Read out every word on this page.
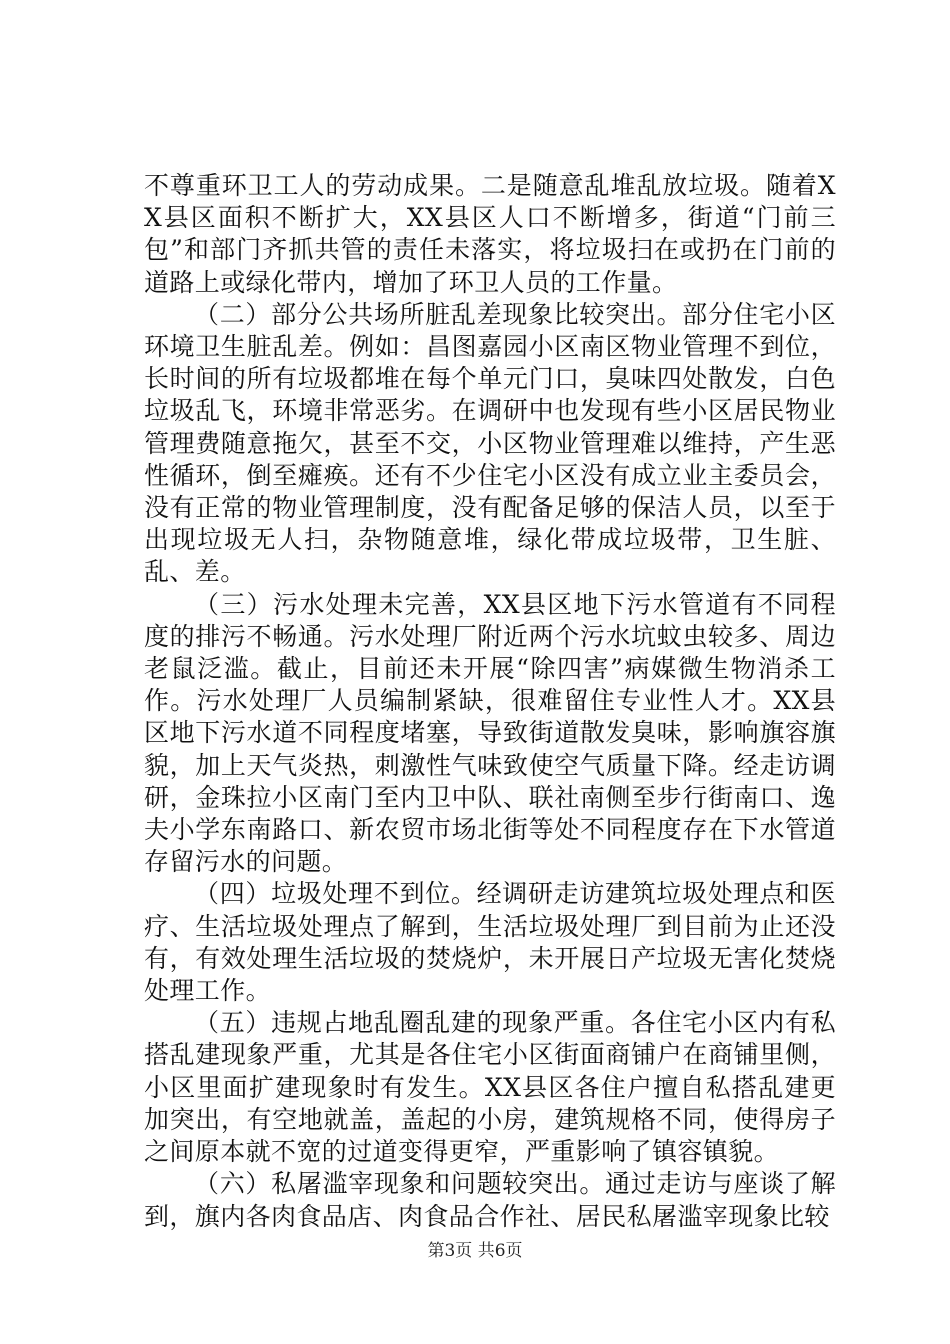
不尊重环卫工人的劳动成果。二是随意乱堆乱放垃圾。随着XX县区面积不断扩大，XX县区人口不断增多，街道“门前三包”和部门齐抓共管的责任未落实，将垃圾扫在或扔在门前的道路上或绿化带内，增加了环卫人员的工作量。

（二）部分公共场所脏乱差现象比较突出。部分住宅小区环境卫生脏乱差。例如：昌图嘉园小区南区物业管理不到位，长时间的所有垃圾都堆在每个单元门口，臭味四处散发，白色垃圾乱飞，环境非常恶劣。在调研中也发现有些小区居民物业管理费随意拖欠，甚至不交，小区物业管理难以维持，产生恶性循环，倒至瘫痪。还有不少住宅小区没有成立业主委员会，没有正常的物业管理制度，没有配备足够的保洁人员，以至于出现垃圾无人扫，杂物随意堆，绿化带成垃圾带，卫生脏、乱、差。

（三）污水处理未完善，XX县区地下污水管道有不同程度的排污不畅通。污水处理厂附近两个污水坑蚊虫较多、周边老鼠泛滥。截止，目前还未开展“除四害”病媒微生物消杀工作。污水处理厂人员编制紧缺，很难留住专业性人才。XX县区地下污水道不同程度堵塞，导致街道散发臭味，影响旗容旗貌，加上天气炎热，刺激性气味致使空气质量下降。经走访调研，金珠拉小区南门至内卫中队、联社南侧至步行街南口、逸夫小学东南路口、新农贸市场北街等处不同程度存在下水管道存留污水的问题。

（四）垃圾处理不到位。经调研走访建筑垃圾处理点和医疗、生活垃圾处理点了解到，生活垃圾处理厂到目前为止还没有，有效处理生活垃圾的焚烧炉，未开展日产垃圾无害化焚烧处理工作。

（五）违规占地乱圈乱建的现象严重。各住宅小区内有私搭乱建现象严重，尤其是各住宅小区街面商铺户在商铺里侧，小区里面扩建现象时有发生。XX县区各住户擅自私搭乱建更加突出，有空地就盖，盖起的小房，建筑规格不同，使得房子之间原本就不宽的过道变得更窄，严重影响了镇容镇貌。

（六）私屠滥宰现象和问题较突出。通过走访与座谈了解到，旗内各肉食品店、肉食品合作社、居民私屠滥宰现象比较

第3页 共6页
